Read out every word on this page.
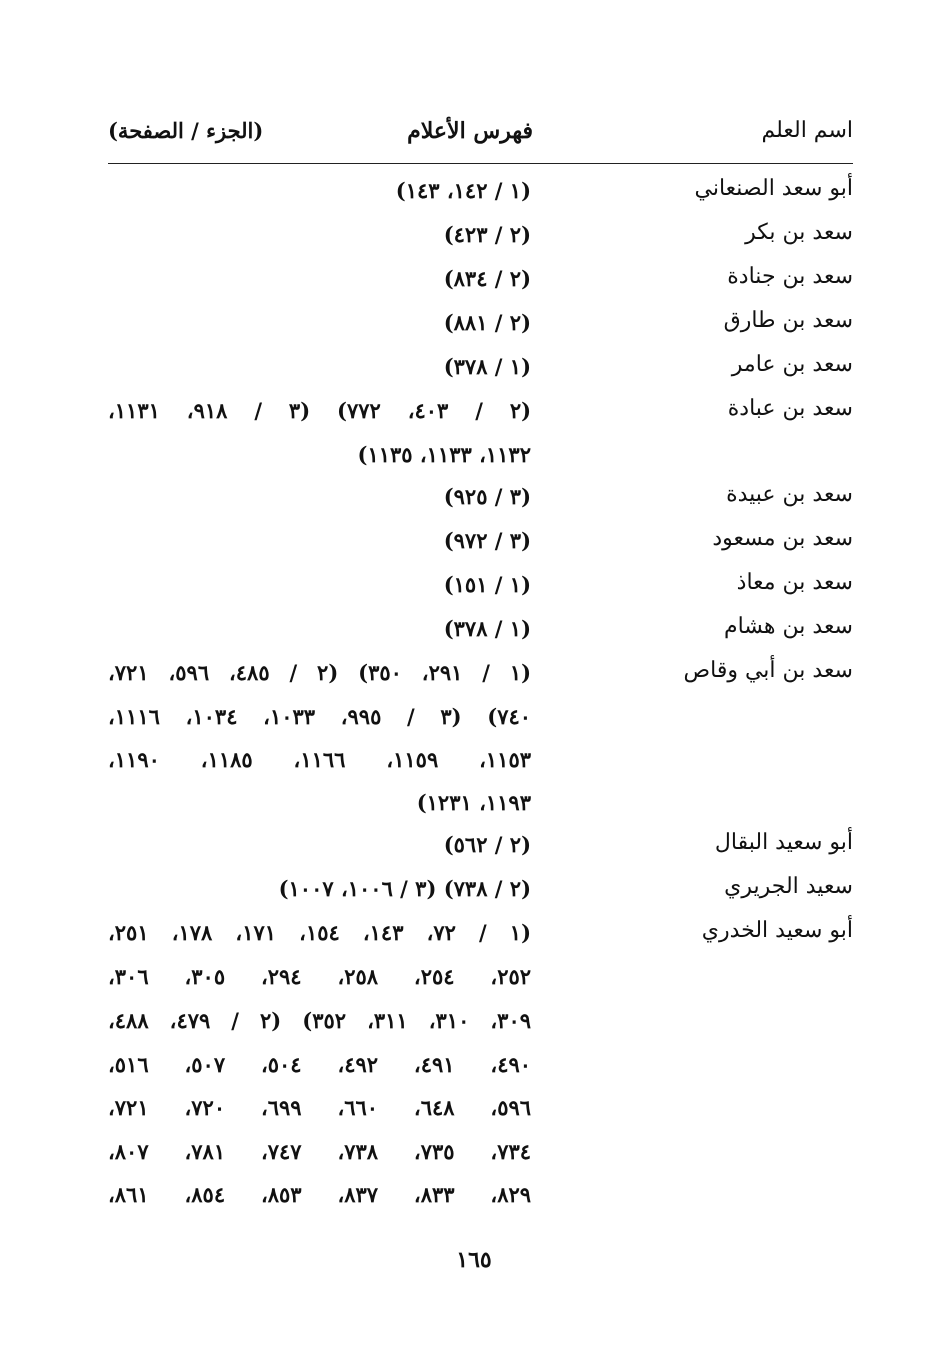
اسم العلم
فهرس الأعلام
(الجزء / الصفحة)
أبو سعد الصنعاني
(١ / ١٤٢، ١٤٣)
سعد بن بكر
(٢ / ٤٢٣)
سعد بن جنادة
(٢ / ٨٣٤)
سعد بن طارق
(٢ / ٨٨١)
سعد بن عامر
(١ / ٣٧٨)
سعد بن عبادة
(٢ / ٤٠٣، ٧٧٢) (٣ / ٩١٨، ١١٣١،
١١٣٢، ١١٣٣، ١١٣٥)
سعد بن عبيدة
(٣ / ٩٢٥)
سعد بن مسعود
(٣ / ٩٧٢)
سعد بن معاذ
(١ / ١٥١)
سعد بن هشام
(١ / ٣٧٨)
سعد بن أبي وقاص
(١ / ٢٩١، ٣٥٠) (٢ / ٤٨٥، ٥٩٦، ٧٢١،
٧٤٠) (٣ / ٩٩٥، ١٠٣٣، ١٠٣٤، ١١١٦،
١١٥٣، ١١٥٩، ١١٦٦، ١١٨٥، ١١٩٠،
١١٩٣، ١٢٣١)
أبو سعيد البقال
(٢ / ٥٦٢)
سعيد الجريري
(٢ / ٧٣٨) (٣ / ١٠٠٦، ١٠٠٧)
أبو سعيد الخدري
(١ / ٧٢، ١٤٣، ١٥٤، ١٧١، ١٧٨، ٢٥١،
٢٥٢، ٢٥٤، ٢٥٨، ٢٩٤، ٣٠٥، ٣٠٦،
٣٠٩، ٣١٠، ٣١١، ٣٥٢) (٢ / ٤٧٩، ٤٨٨،
٤٩٠، ٤٩١، ٤٩٢، ٥٠٤، ٥٠٧، ٥١٦،
٥٩٦، ٦٤٨، ٦٦٠، ٦٩٩، ٧٢٠، ٧٢١،
٧٣٤، ٧٣٥، ٧٣٨، ٧٤٧، ٧٨١، ٨٠٧،
٨٢٩، ٨٣٣، ٨٣٧، ٨٥٣، ٨٥٤، ٨٦١،
١٦٥
